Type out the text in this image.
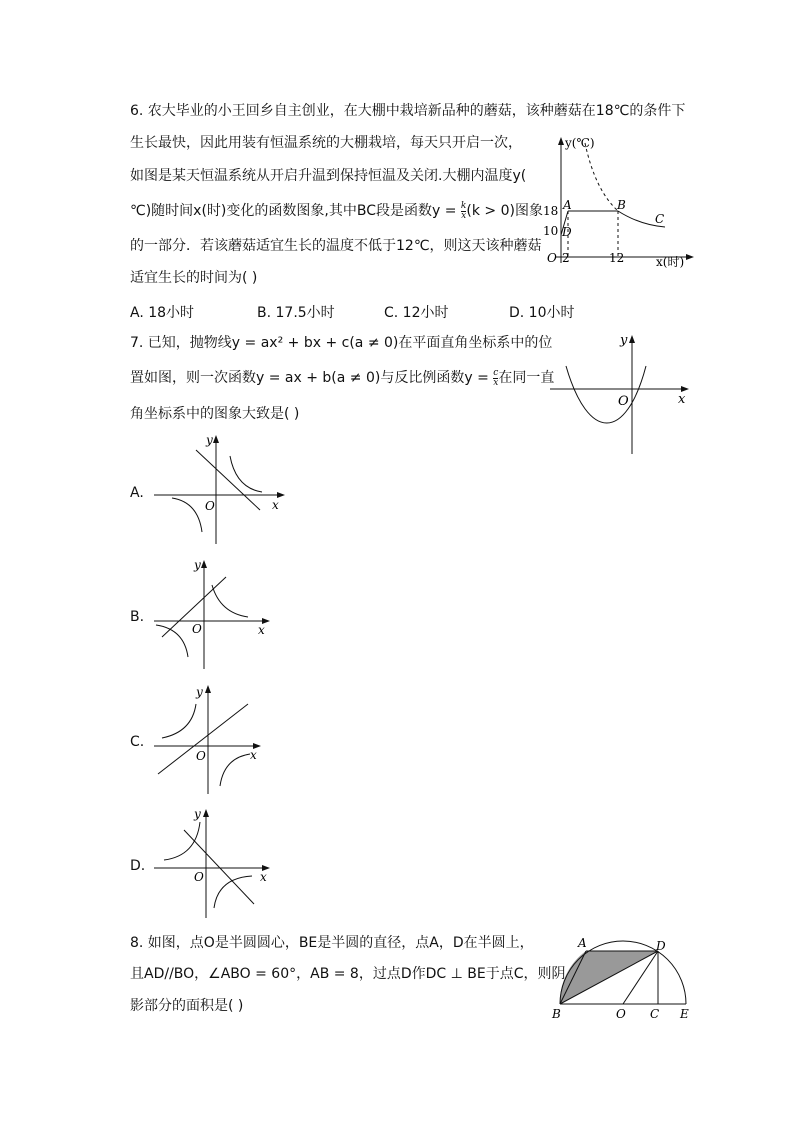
6. 农大毕业的小王回乡自主创业，在大棚中栽培新品种的蘑菇，该种蘑菇在18℃的条件下
生长最快，因此用装有恒温系统的大棚栽培，每天只开启一次，
如图是某天恒温系统从开启升温到保持恒温及关闭.大棚内温度y(
℃)随时间x(时)变化的函数图象,其中BC段是函数$y = \frac{k}{x} (k > 0)$图象
的一部分．若该蘑菇适宜生长的温度不低于12℃，则这天该种蘑菇
适宜生长的时间为( )
A. 18小时	B. 17.5小时	C. 12小时	D. 10小时
y(℃)
x(时)
O
18
10
2	12
A	B
C
D
7. 已知，抛物线y = ax² + bx + c(a ≠ 0)在平面直角坐标系中的位
置如图，则一次函数y = ax + b(a ≠ 0)与反比例函数$y = \frac{c}{x}$ 在同一直
角坐标系中的图象大致是( )
y
x
O
A.
y
x
O
B.
y
x
O
C.
y
x
O
D.
y
x
O
8. 如图，点O是半圆圆心，BE是半圆的直径，点A，D在半圆上，
且AD//BO，∠ABO = 60°，AB = 8，过点D作DC ⊥ BE于点C，则阴
影部分的面积是( )
A	D
B	O C E
